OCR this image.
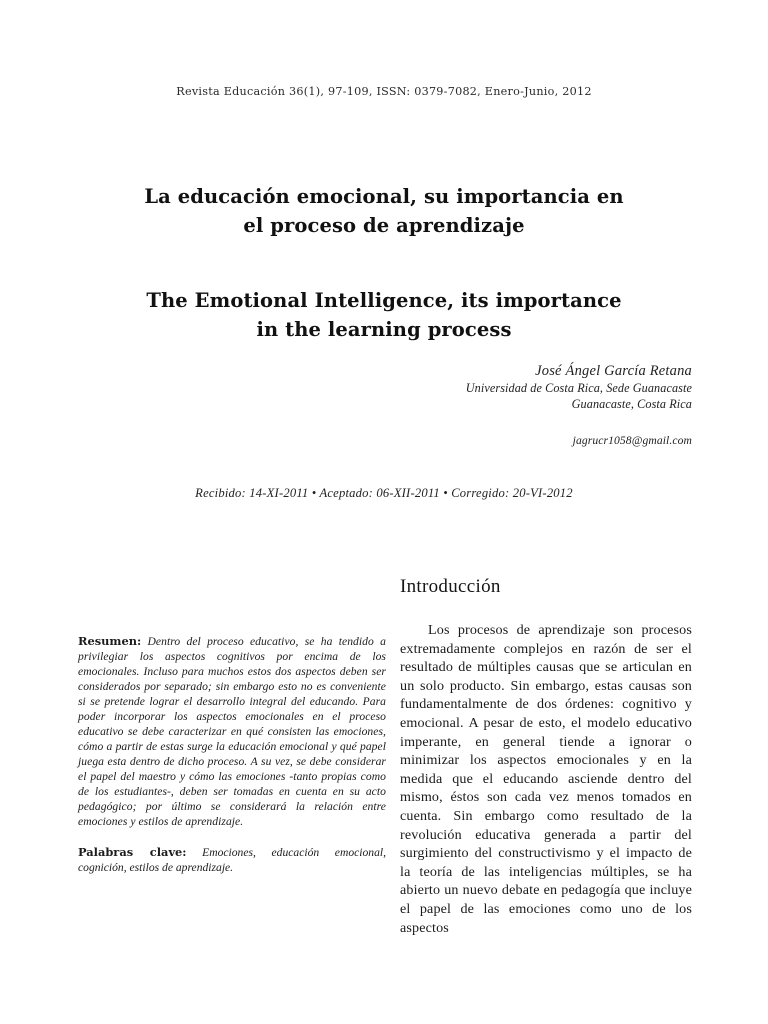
Revista Educación 36(1), 97-109, ISSN: 0379-7082, Enero-Junio, 2012
La educación emocional, su importancia en
el proceso de aprendizaje
The Emotional Intelligence, its importance
in the learning process
José Ángel García Retana
Universidad de Costa Rica, Sede Guanacaste
Guanacaste, Costa Rica
jagrucr1058@gmail.com
Recibido: 14-XI-2011 • Aceptado: 06-XII-2011 • Corregido: 20-VI-2012

Resumen: Dentro del proceso educativo, se ha tendido a privilegiar los aspectos cognitivos por encima de los emocionales. Incluso para muchos estos dos aspectos deben ser considerados por separado; sin embargo esto no es conveniente si se pretende lograr el desarrollo integral del educando. Para poder incorporar los aspectos emocionales en el proceso educativo se debe caracterizar en qué consisten las emociones, cómo a partir de estas surge la educación emocional y qué papel juega esta dentro de dicho proceso. A su vez, se debe considerar el papel del maestro y cómo las emociones -tanto propias como de los estudiantes-, deben ser tomadas en cuenta en su acto pedagógico; por último se considerará la relación entre emociones y estilos de aprendizaje.

Palabras clave: Emociones, educación emocional, cognición, estilos de aprendizaje.

Introducción

Los procesos de aprendizaje son procesos extremadamente complejos en razón de ser el resultado de múltiples causas que se articulan en un solo producto. Sin embargo, estas causas son fundamentalmente de dos órdenes: cognitivo y emocional. A pesar de esto, el modelo educativo imperante, en general tiende a ignorar o minimizar los aspectos emocionales y en la medida que el educando asciende dentro del mismo, éstos son cada vez menos tomados en cuenta. Sin embargo como resultado de la revolución educativa generada a partir del surgimiento del constructivismo y el impacto de la teoría de las inteligencias múltiples, se ha abierto un nuevo debate en pedagogía que incluye el papel de las emociones como uno de los aspectos
